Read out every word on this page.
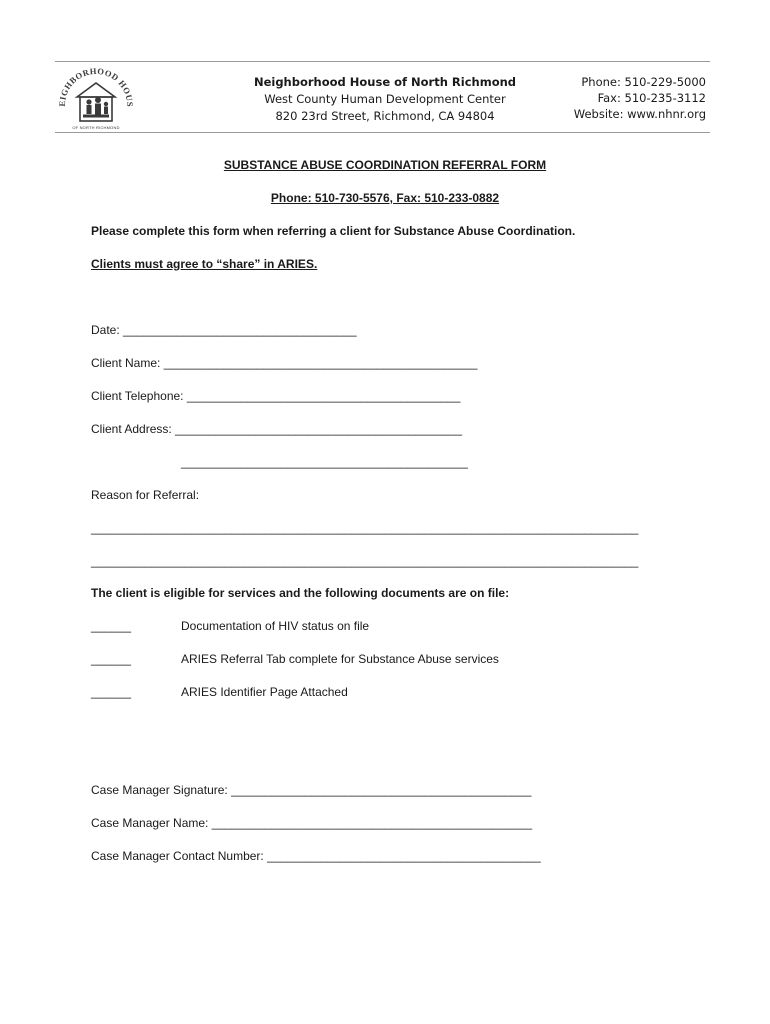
EIGHBORHOOD HOUS
OF NORTH RICHMOND
Neighborhood House of North Richmond
West County Human Development Center
820 23rd Street, Richmond, CA 94804
Phone: 510-229-5000
Fax: 510-235-3112
Website: www.nhnr.org
SUBSTANCE ABUSE COORDINATION REFERRAL FORM
Phone: 510-730-5576, Fax: 510-233-0882
Please complete this form when referring a client for Substance Abuse Coordination.
Clients must agree to “share” in ARIES.
Date: ___________________________________
Client Name: _______________________________________________
Client Telephone: _________________________________________
Client Address: ___________________________________________
___________________________________________
Reason for Referral:
__________________________________________________________________________________
__________________________________________________________________________________
The client is eligible for services and the following documents are on file:
______	Documentation of HIV status on file
______	ARIES Referral Tab complete for Substance Abuse services
______	ARIES Identifier Page Attached
Case Manager Signature: _____________________________________________
Case Manager Name: ________________________________________________
Case Manager Contact Number: _________________________________________
